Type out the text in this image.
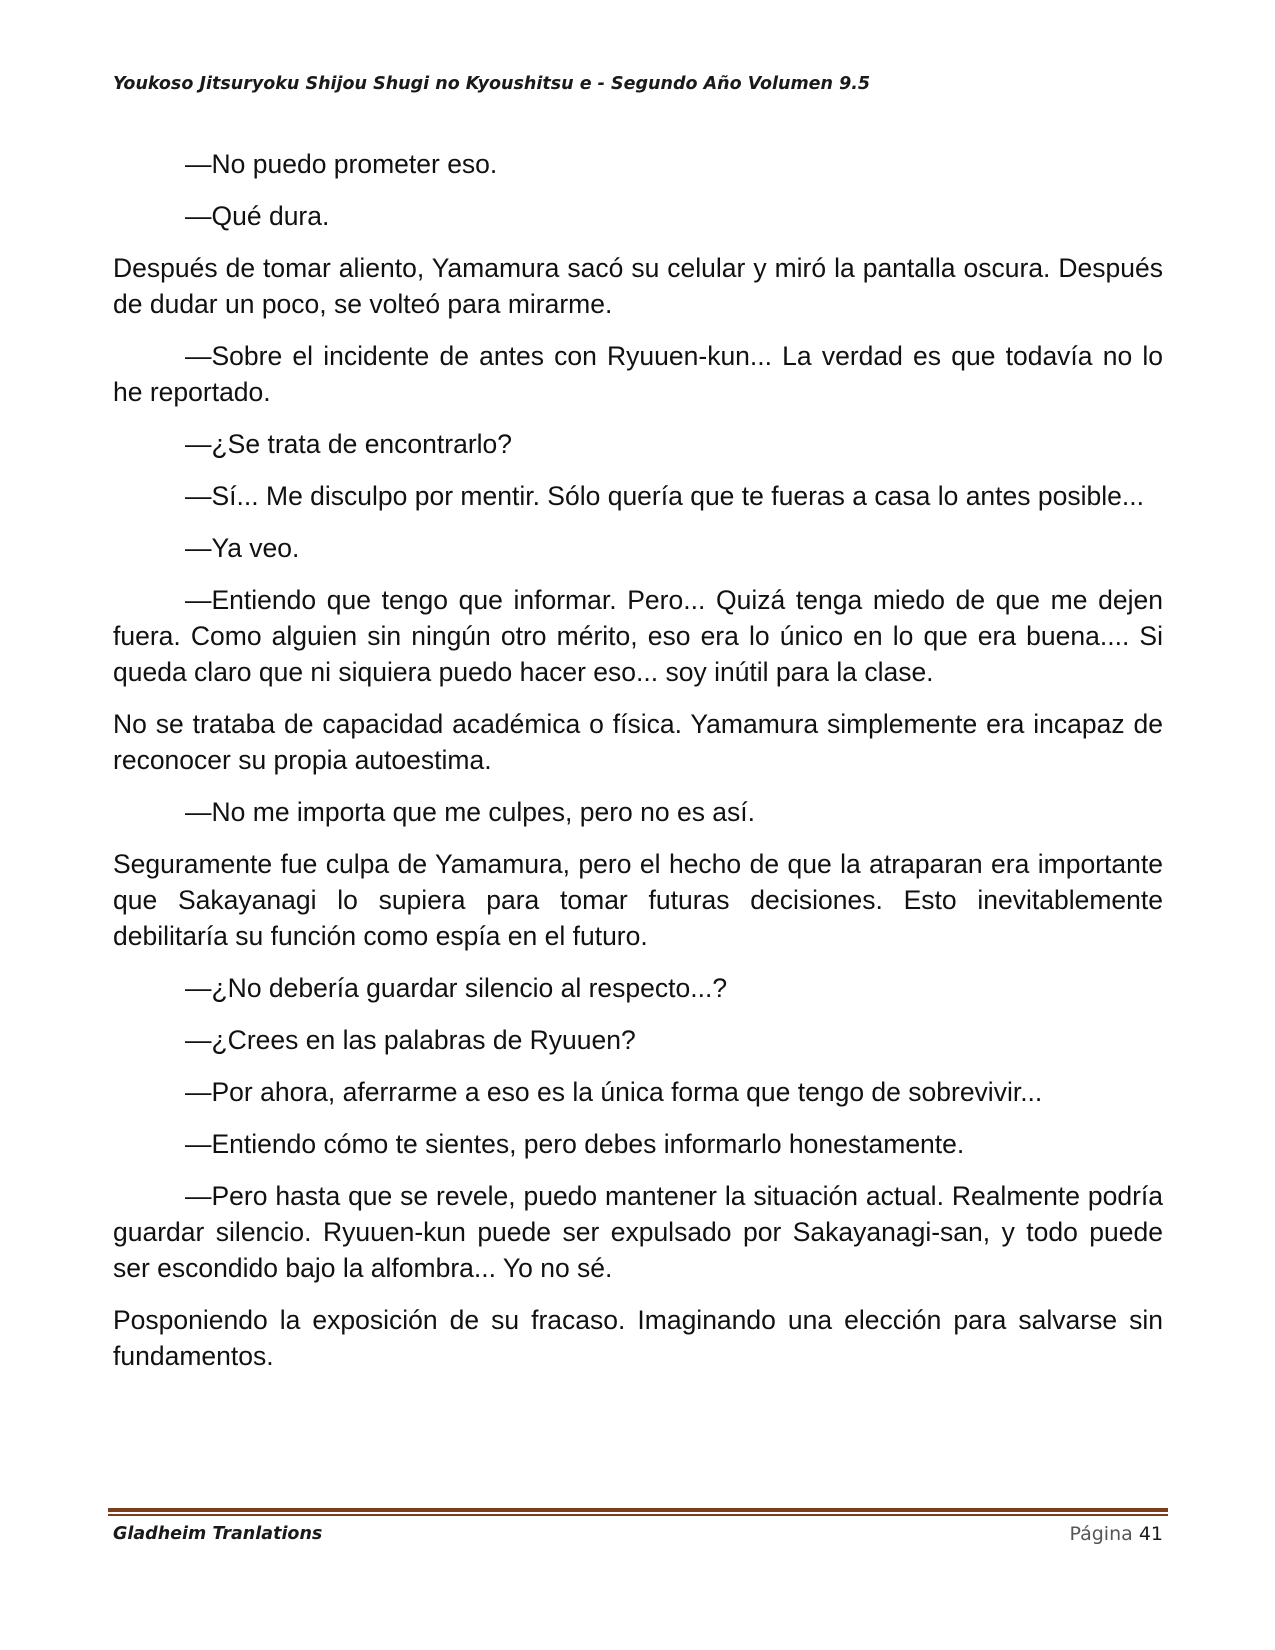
Youkoso Jitsuryoku Shijou Shugi no Kyoushitsu e - Segundo Año Volumen 9.5

—No puedo prometer eso.

—Qué dura.

Después de tomar aliento, Yamamura sacó su celular y miró la pantalla oscura. Después de dudar un poco, se volteó para mirarme.

—Sobre el incidente de antes con Ryuuen-kun... La verdad es que todavía no lo he reportado.

—¿Se trata de encontrarlo?

—Sí... Me disculpo por mentir. Sólo quería que te fueras a casa lo antes posible...

—Ya veo.

—Entiendo que tengo que informar. Pero... Quizá tenga miedo de que me dejen fuera. Como alguien sin ningún otro mérito, eso era lo único en lo que era buena.... Si queda claro que ni siquiera puedo hacer eso... soy inútil para la clase.

No se trataba de capacidad académica o física. Yamamura simplemente era incapaz de reconocer su propia autoestima.

—No me importa que me culpes, pero no es así.

Seguramente fue culpa de Yamamura, pero el hecho de que la atraparan era importante que Sakayanagi lo supiera para tomar futuras decisiones. Esto inevitablemente debilitaría su función como espía en el futuro.

—¿No debería guardar silencio al respecto...?

—¿Crees en las palabras de Ryuuen?

—Por ahora, aferrarme a eso es la única forma que tengo de sobrevivir...

—Entiendo cómo te sientes, pero debes informarlo honestamente.

—Pero hasta que se revele, puedo mantener la situación actual. Realmente podría guardar silencio. Ryuuen-kun puede ser expulsado por Sakayanagi-san, y todo puede ser escondido bajo la alfombra... Yo no sé.

Posponiendo la exposición de su fracaso. Imaginando una elección para salvarse sin fundamentos.

Gladheim Tranlations	Página 41
